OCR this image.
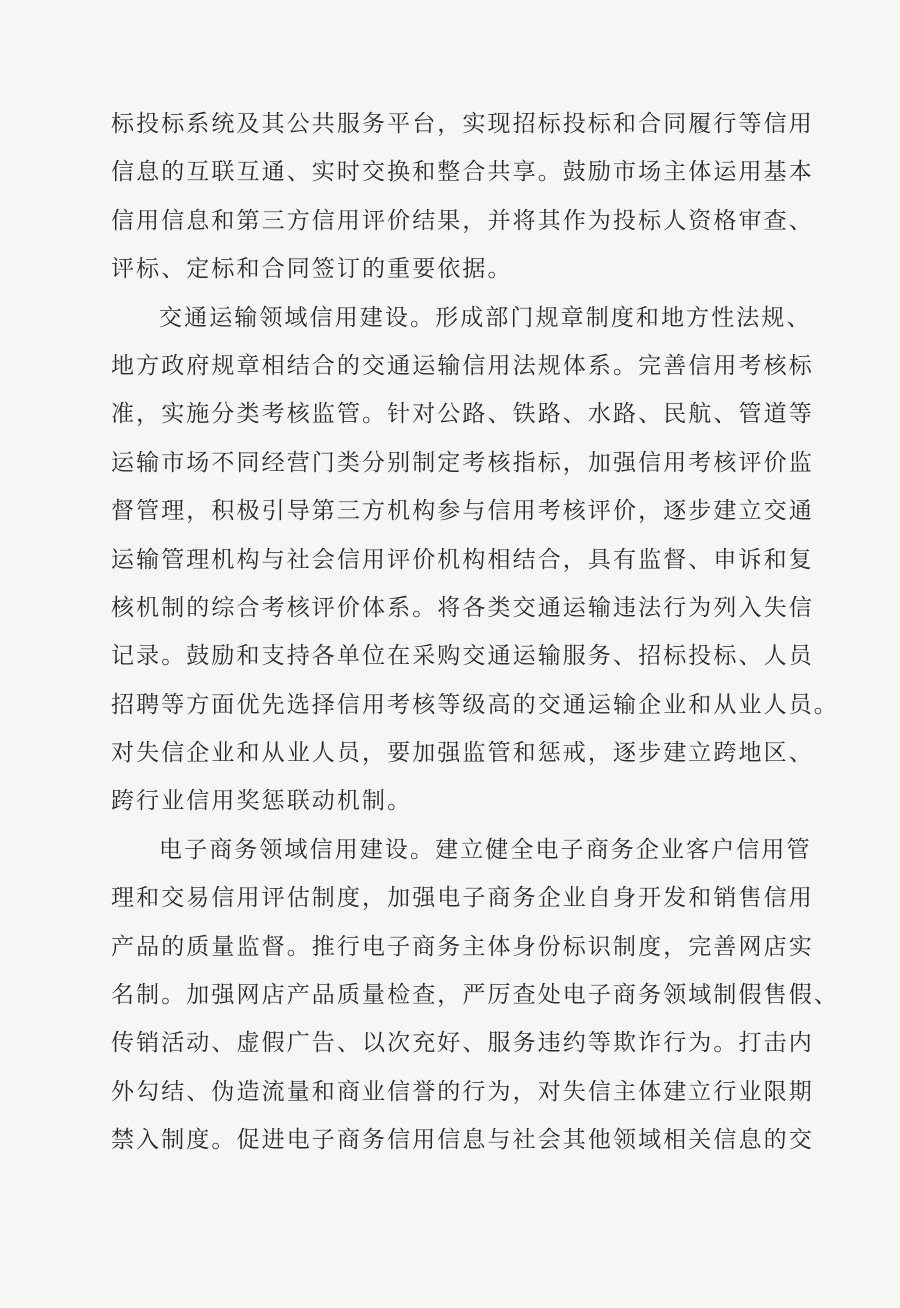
标投标系统及其公共服务平台，实现招标投标和合同履行等信用
信息的互联互通、实时交换和整合共享。鼓励市场主体运用基本
信用信息和第三方信用评价结果，并将其作为投标人资格审查、
评标、定标和合同签订的重要依据。

交通运输领域信用建设。形成部门规章制度和地方性法规、
地方政府规章相结合的交通运输信用法规体系。完善信用考核标
准，实施分类考核监管。针对公路、铁路、水路、民航、管道等
运输市场不同经营门类分别制定考核指标，加强信用考核评价监
督管理，积极引导第三方机构参与信用考核评价，逐步建立交通
运输管理机构与社会信用评价机构相结合，具有监督、申诉和复
核机制的综合考核评价体系。将各类交通运输违法行为列入失信
记录。鼓励和支持各单位在采购交通运输服务、招标投标、人员
招聘等方面优先选择信用考核等级高的交通运输企业和从业人员。
对失信企业和从业人员，要加强监管和惩戒，逐步建立跨地区、
跨行业信用奖惩联动机制。

电子商务领域信用建设。建立健全电子商务企业客户信用管
理和交易信用评估制度，加强电子商务企业自身开发和销售信用
产品的质量监督。推行电子商务主体身份标识制度，完善网店实
名制。加强网店产品质量检查，严厉查处电子商务领域制假售假、
传销活动、虚假广告、以次充好、服务违约等欺诈行为。打击内
外勾结、伪造流量和商业信誉的行为，对失信主体建立行业限期
禁入制度。促进电子商务信用信息与社会其他领域相关信息的交
